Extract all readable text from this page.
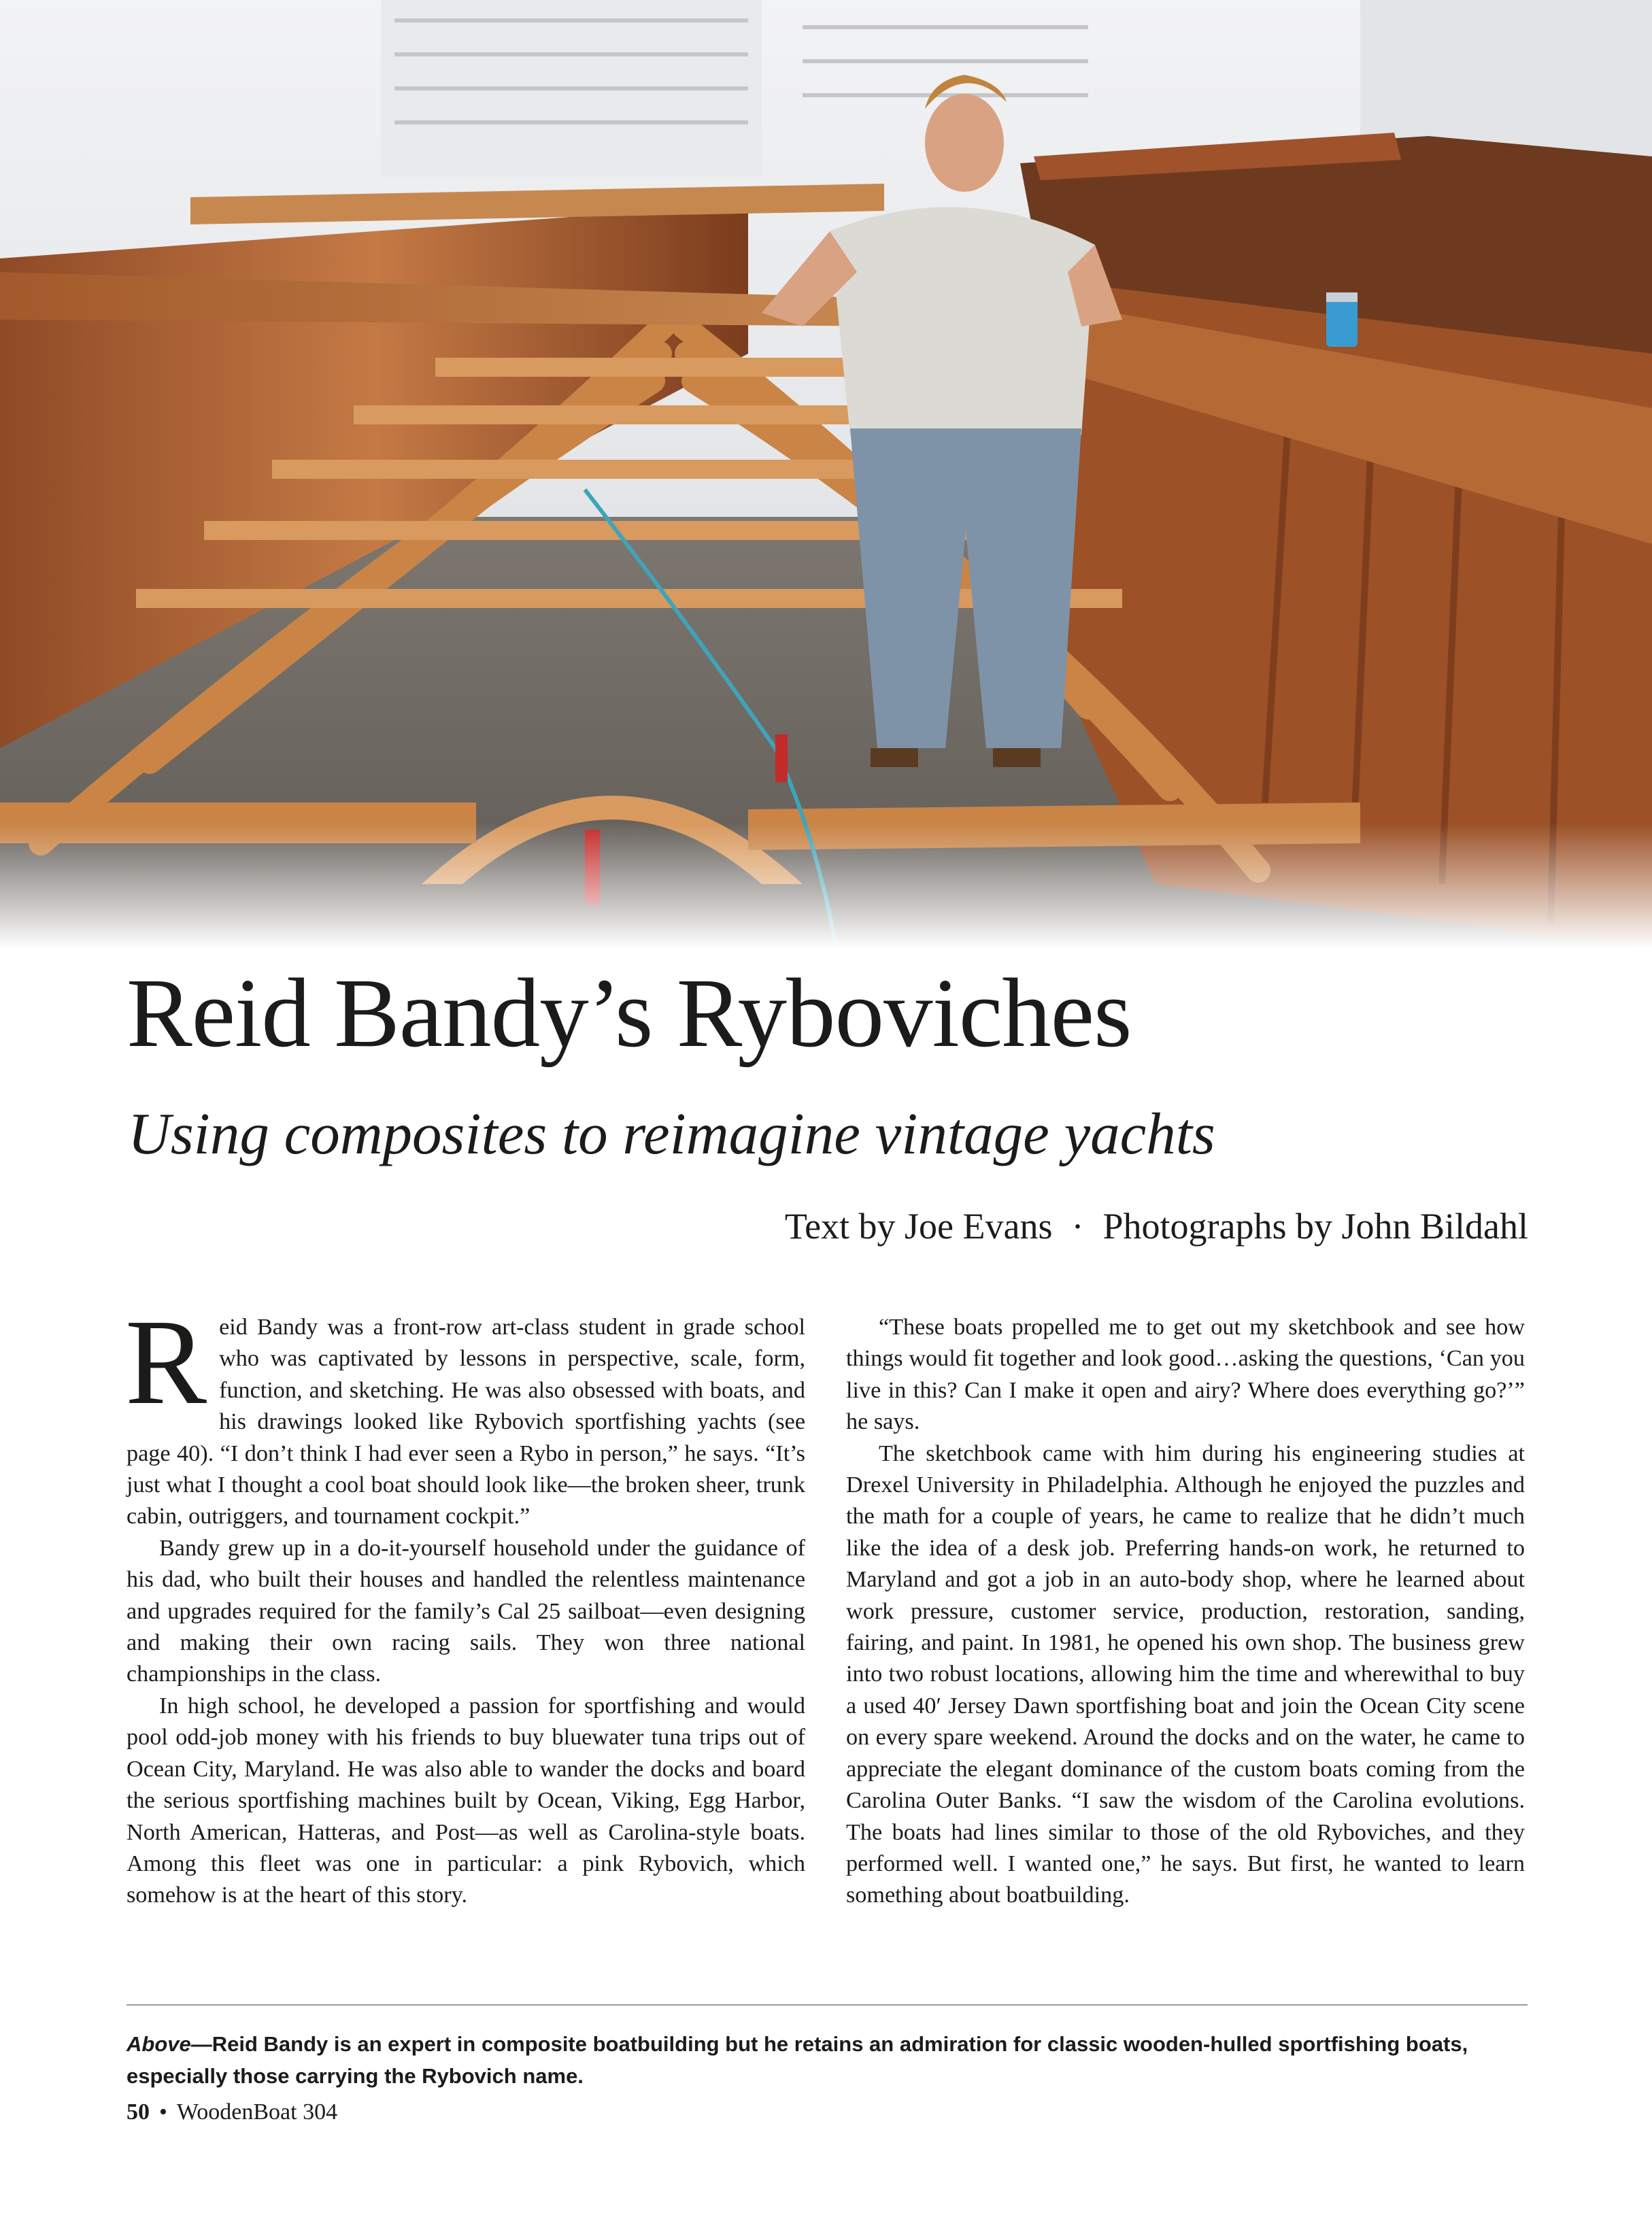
Reid Bandy’s Ryboviches
Using composites to reimagine vintage yachts
Text by Joe Evans · Photographs by John Bildahl

Reid Bandy was a front-row art-class student in grade school who was captivated by lessons in perspective, scale, form, function, and sketching. He was also obsessed with boats, and his drawings looked like Rybovich sportfishing yachts (see page 40). “I don’t think I had ever seen a Rybo in person,” he says. “It’s just what I thought a cool boat should look like—the broken sheer, trunk cabin, outriggers, and tournament cockpit.”

Bandy grew up in a do-it-yourself household under the guidance of his dad, who built their houses and handled the relentless maintenance and upgrades required for the family’s Cal 25 sailboat—even designing and making their own racing sails. They won three national championships in the class.

In high school, he developed a passion for sportfishing and would pool odd-job money with his friends to buy bluewater tuna trips out of Ocean City, Maryland. He was also able to wander the docks and board the serious sportfishing machines built by Ocean, Viking, Egg Harbor, North American, Hatteras, and Post—as well as Carolina-style boats. Among this fleet was one in particular: a pink Rybovich, which somehow is at the heart of this story.

“These boats propelled me to get out my sketchbook and see how things would fit together and look good…asking the questions, ‘Can you live in this? Can I make it open and airy? Where does everything go?’” he says.

The sketchbook came with him during his engineering studies at Drexel University in Philadelphia. Although he enjoyed the puzzles and the math for a couple of years, he came to realize that he didn’t much like the idea of a desk job. Preferring hands-on work, he returned to Maryland and got a job in an auto-body shop, where he learned about work pressure, customer service, production, restoration, sanding, fairing, and paint. In 1981, he opened his own shop. The business grew into two robust locations, allowing him the time and wherewithal to buy a used 40′ Jersey Dawn sportfishing boat and join the Ocean City scene on every spare weekend. Around the docks and on the water, he came to appreciate the elegant dominance of the custom boats coming from the Carolina Outer Banks. “I saw the wisdom of the Carolina evolutions. The boats had lines similar to those of the old Ryboviches, and they performed well. I wanted one,” he says. But first, he wanted to learn something about boatbuilding.

Above—Reid Bandy is an expert in composite boatbuilding but he retains an admiration for classic wooden-hulled sportfishing boats, especially those carrying the Rybovich name.
50 • WoodenBoat 304
